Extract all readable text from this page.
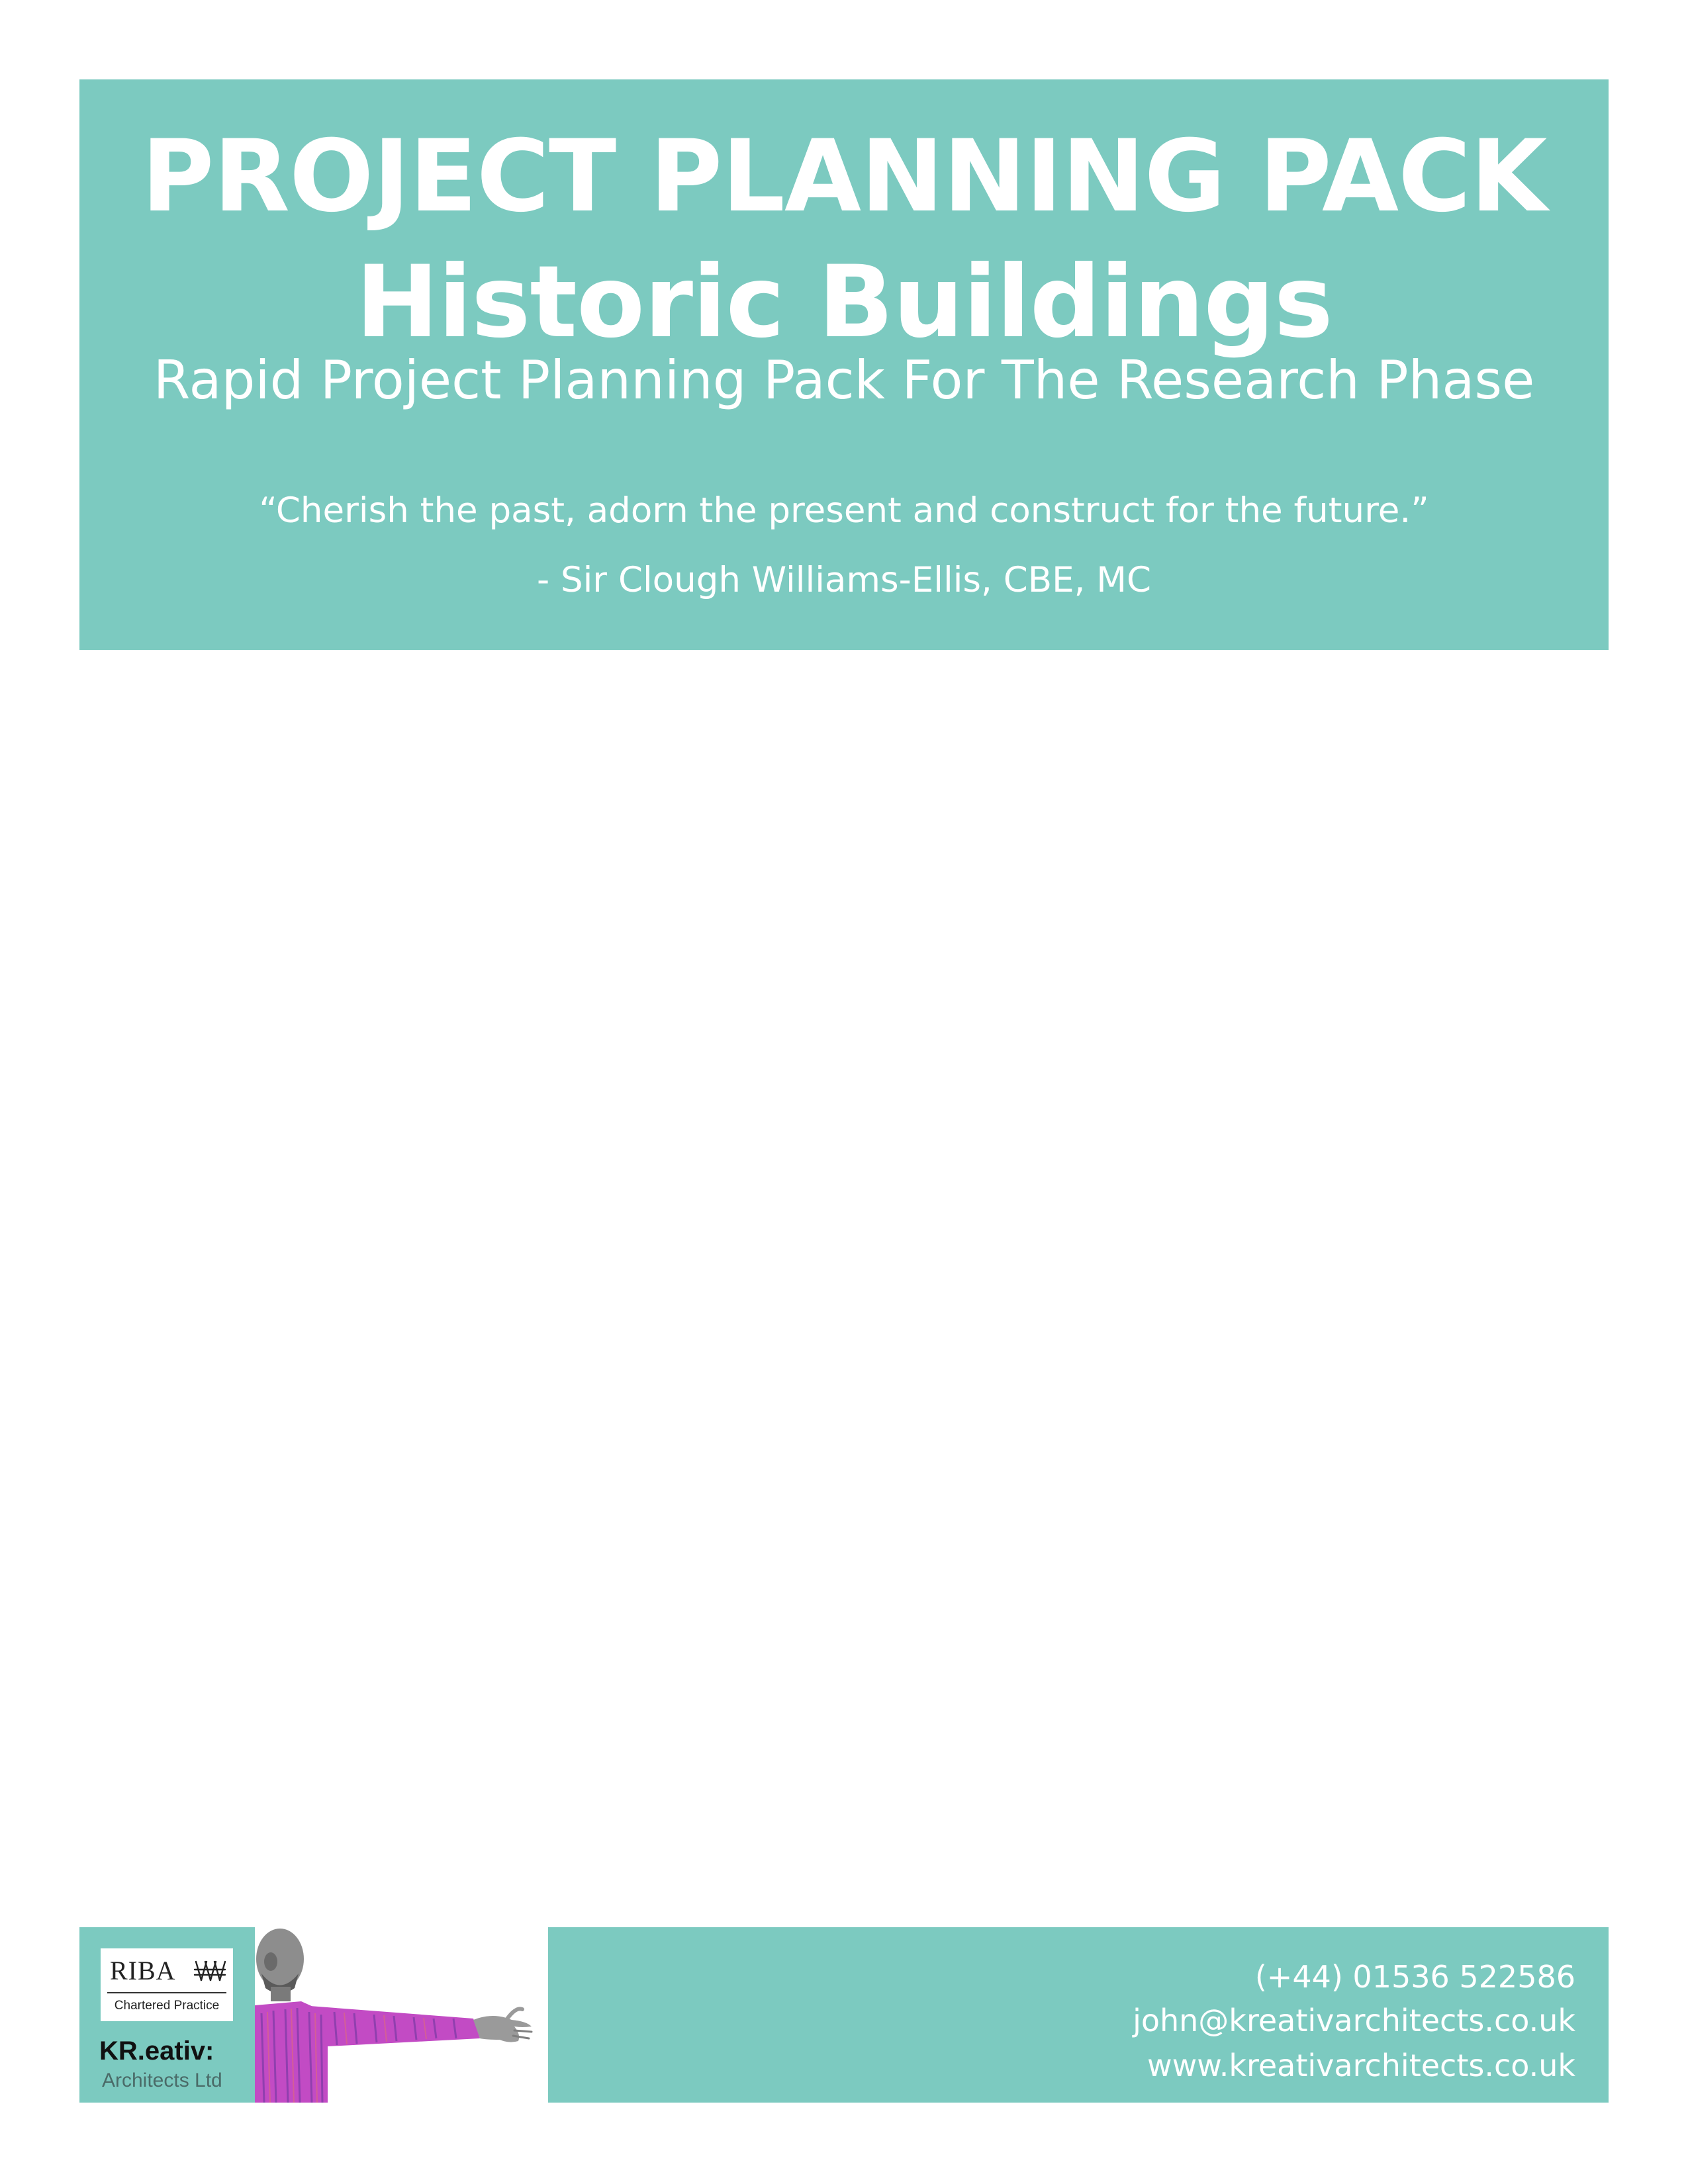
PROJECT PLANNING PACK
Historic Buildings
Rapid Project Planning Pack For The Research Phase
“Cherish the past, adorn the present and construct for the future.”
- Sir Clough Williams-Ellis, CBE, MC
RIBA
Chartered Practice
KR.eativ:
Architects Ltd
(+44) 01536 522586
john@kreativarchitects.co.uk
www.kreativarchitects.co.uk
